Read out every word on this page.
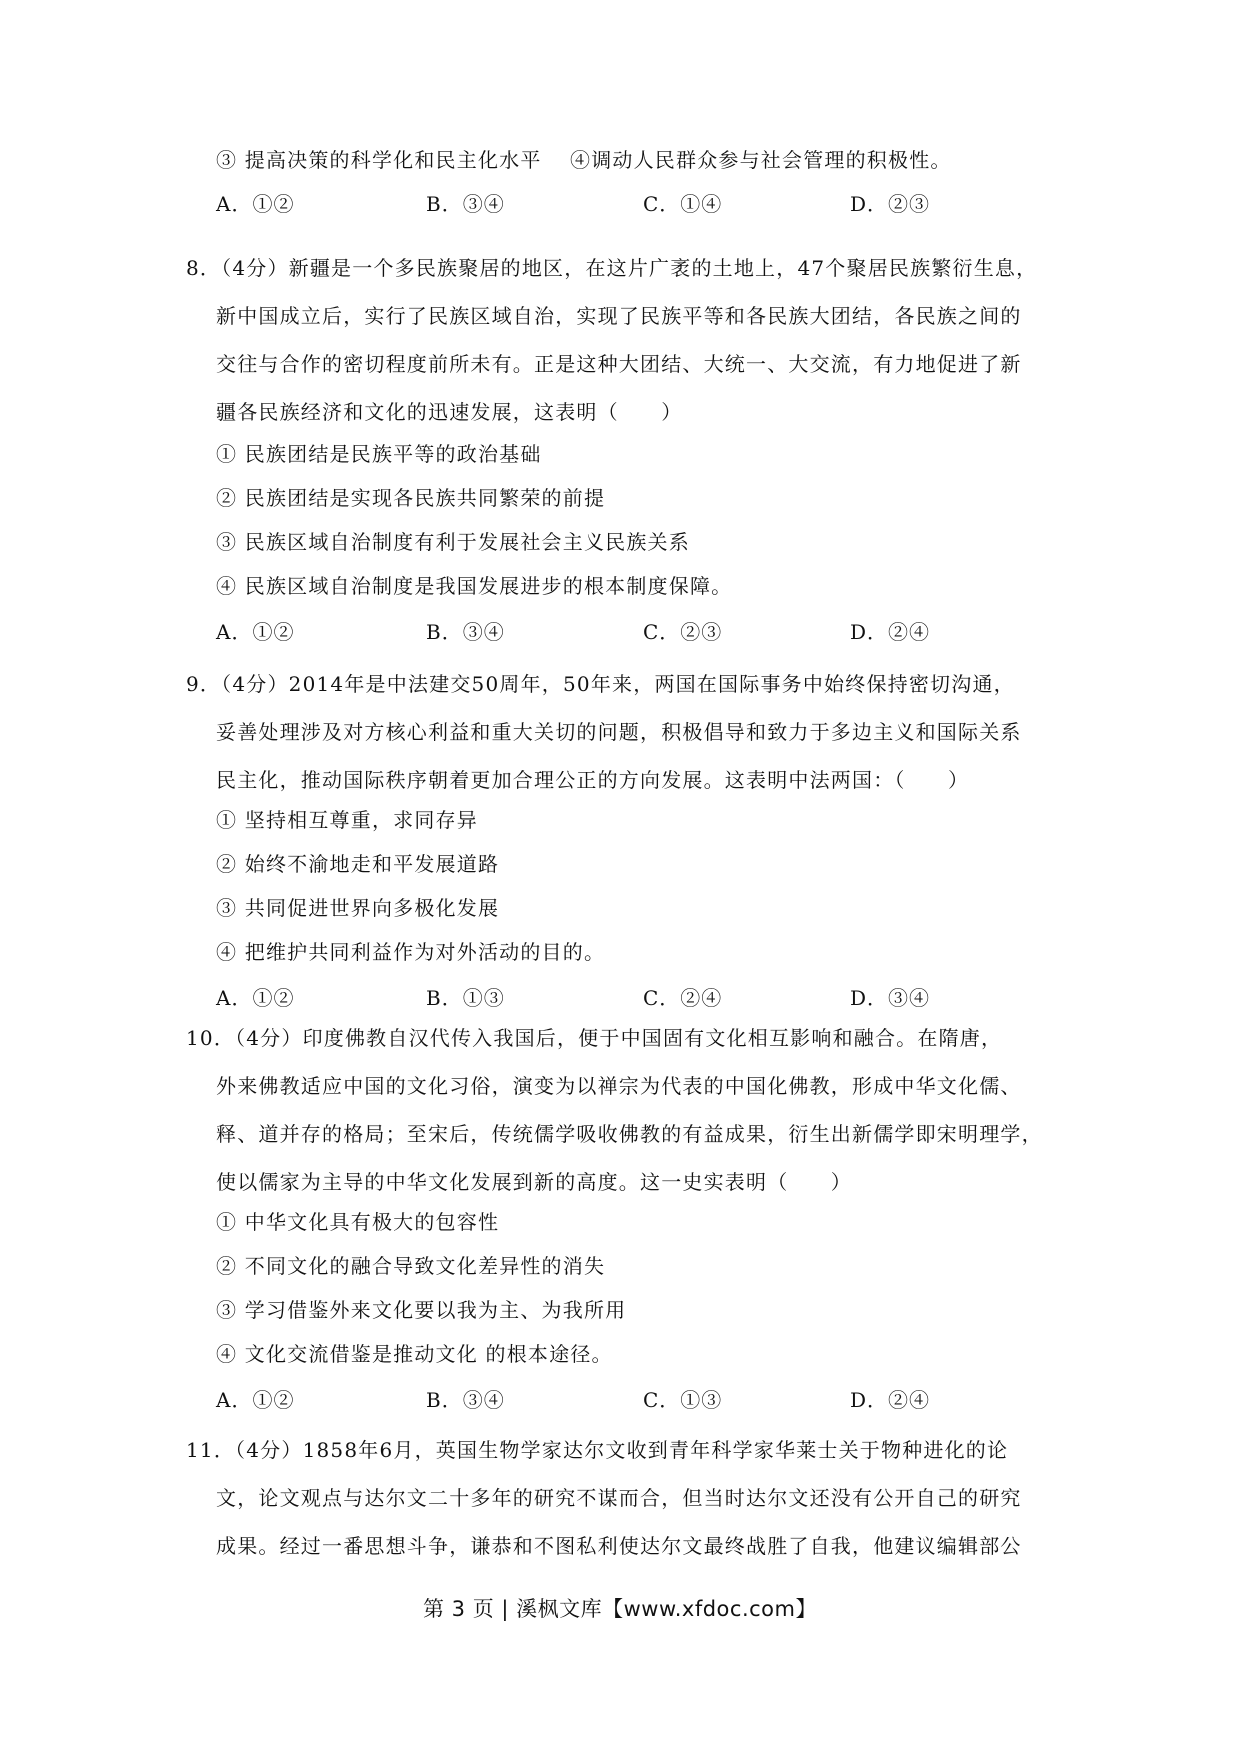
③ 提高决策的科学化和民主化水平 ④调动人民群众参与社会管理的积极性。
A．①②	B．③④	C．①④	D．②③
8．（4分）新疆是一个多民族聚居的地区，在这片广袤的土地上，47个聚居民族繁衍生息，
新中国成立后，实行了民族区域自治，实现了民族平等和各民族大团结，各民族之间的
交往与合作的密切程度前所未有。正是这种大团结、大统一、大交流，有力地促进了新
疆各民族经济和文化的迅速发展，这表明（　　）
① 民族团结是民族平等的政治基础
② 民族团结是实现各民族共同繁荣的前提
③ 民族区域自治制度有利于发展社会主义民族关系
④ 民族区域自治制度是我国发展进步的根本制度保障。
A．①②	B．③④	C．②③	D．②④
9．（4分）2014年是中法建交50周年，50年来，两国在国际事务中始终保持密切沟通，
妥善处理涉及对方核心利益和重大关切的问题，积极倡导和致力于多边主义和国际关系
民主化，推动国际秩序朝着更加合理公正的方向发展。这表明中法两国：（　　）
① 坚持相互尊重，求同存异
② 始终不渝地走和平发展道路
③ 共同促进世界向多极化发展
④ 把维护共同利益作为对外活动的目的。
A．①②	B．①③	C．②④	D．③④
10．（4分）印度佛教自汉代传入我国后，便于中国固有文化相互影响和融合。在隋唐，
外来佛教适应中国的文化习俗，演变为以禅宗为代表的中国化佛教，形成中华文化儒、
释、道并存的格局；至宋后，传统儒学吸收佛教的有益成果，衍生出新儒学即宋明理学，
使以儒家为主导的中华文化发展到新的高度。这一史实表明（　　）
① 中华文化具有极大的包容性
② 不同文化的融合导致文化差异性的消失
③ 学习借鉴外来文化要以我为主、为我所用
④ 文化交流借鉴是推动文化 的根本途径。
A．①②	B．③④	C．①③	D．②④
11．（4分）1858年6月，英国生物学家达尔文收到青年科学家华莱士关于物种进化的论
文，论文观点与达尔文二十多年的研究不谋而合，但当时达尔文还没有公开自己的研究
成果。经过一番思想斗争，谦恭和不图私利使达尔文最终战胜了自我，他建议编辑部公
第 3 页 | 溪枫文库【www.xfdoc.com】
